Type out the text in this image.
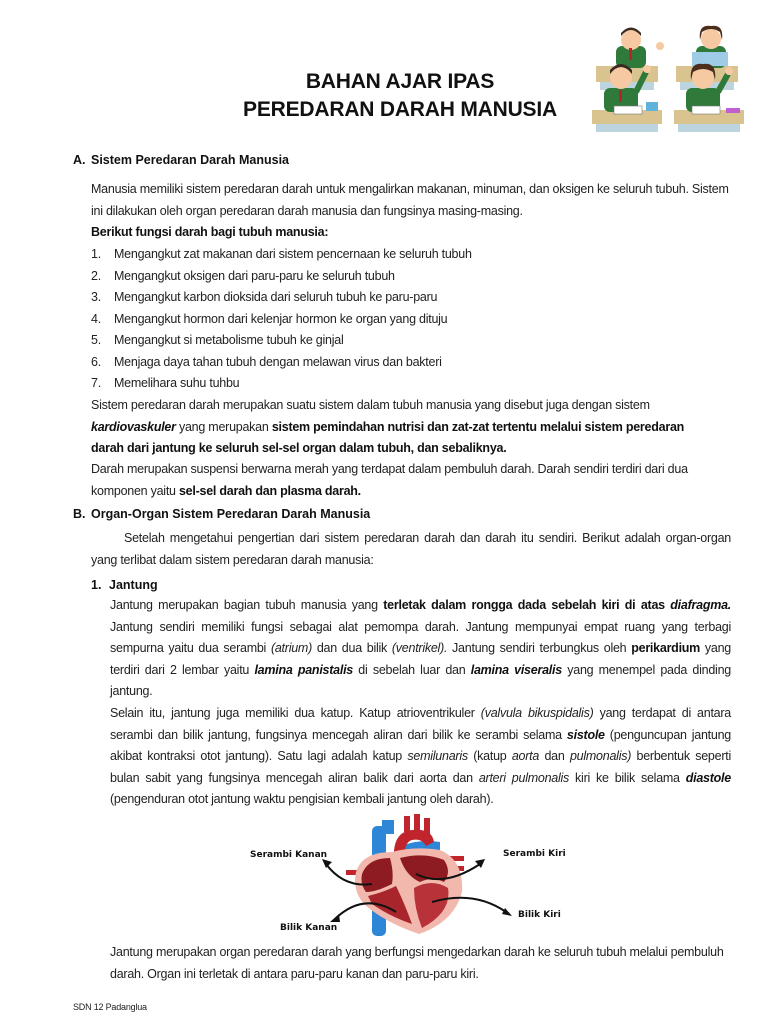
BAHAN AJAR IPAS
PEREDARAN DARAH MANUSIA
A. Sistem Peredaran Darah Manusia
Manusia memiliki sistem peredaran darah untuk mengalirkan makanan, minuman, dan oksigen ke seluruh tubuh. Sistem ini dilakukan oleh organ peredaran darah manusia dan fungsinya masing-masing.
Berikut fungsi darah bagi tubuh manusia:
1.	Mengangkut zat makanan dari sistem pencernaan ke seluruh tubuh
2.	Mengangkut oksigen dari paru-paru ke seluruh tubuh
3.	Mengangkut karbon dioksida dari seluruh tubuh ke paru-paru
4.	Mengangkut hormon dari kelenjar hormon ke organ yang dituju
5.	Mengangkut si metabolisme tubuh ke ginjal
6.	Menjaga daya tahan tubuh dengan melawan virus dan bakteri
7.	Memelihara suhu tuhbu
Sistem peredaran darah merupakan suatu sistem dalam tubuh manusia yang disebut juga dengan sistem kardiovaskuler yang merupakan sistem pemindahan nutrisi dan zat-zat tertentu melalui sistem peredaran darah dari jantung ke seluruh sel-sel organ dalam tubuh, dan sebaliknya.
Darah merupakan suspensi berwarna merah yang terdapat dalam pembuluh darah. Darah sendiri terdiri dari dua komponen yaitu sel-sel darah dan plasma darah.
B. Organ-Organ Sistem Peredaran Darah Manusia
Setelah mengetahui pengertian dari sistem peredaran darah dan darah itu sendiri. Berikut adalah organ-organ yang terlibat dalam sistem peredaran darah manusia:
1. Jantung
Jantung merupakan bagian tubuh manusia yang terletak dalam rongga dada sebelah kiri di atas diafragma. Jantung sendiri memiliki fungsi sebagai alat pemompa darah. Jantung mempunyai empat ruang yang terbagi sempurna yaitu dua serambi (atrium) dan dua bilik (ventrikel). Jantung sendiri terbungkus oleh perikardium yang terdiri dari 2 lembar yaitu lamina panistalis di sebelah luar dan lamina viseralis yang menempel pada dinding jantung.
Selain itu, jantung juga memiliki dua katup. Katup atrioventrikuler (valvula bikuspidalis) yang terdapat di antara serambi dan bilik jantung, fungsinya mencegah aliran dari bilik ke serambi selama sistole (penguncupan jantung akibat kontraksi otot jantung). Satu lagi adalah katup semilunaris (katup aorta dan pulmonalis) berbentuk seperti bulan sabit yang fungsinya mencegah aliran balik dari aorta dan arteri pulmonalis kiri ke bilik selama diastole (pengenduran otot jantung waktu pengisian kembali jantung oleh darah).
Serambi Kanan	Serambi Kiri
Bilik Kanan
Bilik Kiri
Jantung merupakan organ peredaran darah yang berfungsi mengedarkan darah ke seluruh tubuh melalui pembuluh darah. Organ ini terletak di antara paru-paru kanan dan paru-paru kiri.
SDN 12 Padanglua
